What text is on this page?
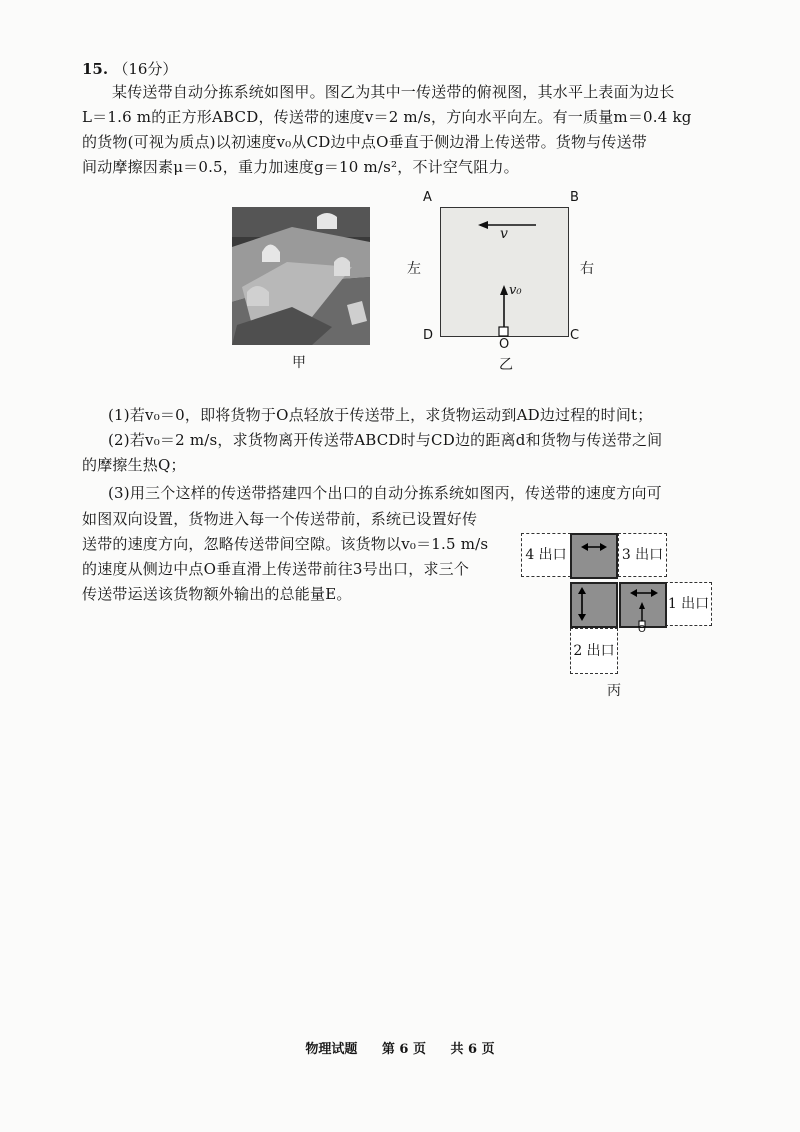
15. （16分）
某传送带自动分拣系统如图甲。图乙为其中一传送带的俯视图，其水平上表面为边长
L＝1.6 m的正方形ABCD，传送带的速度v＝2 m/s，方向水平向左。有一质量m＝0.4 kg
的货物(可视为质点)以初速度v₀从CD边中点O垂直于侧边滑上传送带。货物与传送带
间动摩擦因素μ＝0.5，重力加速度g＝10 m/s²，不计空气阻力。
甲
A	B
D	C
左	右
v
v₀
O
乙
(1)若v₀＝0，即将货物于O点轻放于传送带上，求货物运动到AD边过程的时间t；
(2)若v₀＝2 m/s，求货物离开传送带ABCD时与CD边的距离d和货物与传送带之间
的摩擦生热Q；
(3)用三个这样的传送带搭建四个出口的自动分拣系统如图丙，传送带的速度方向可
如图双向设置，货物进入每一个传送带前，系统已设置好传
送带的速度方向，忽略传送带间空隙。该货物以v₀＝1.5 m/s
的速度从侧边中点O垂直滑上传送带前往3号出口，求三个
传送带运送该货物额外输出的总能量E。
4 出口	3 出口
1 出口
2 出口
O
丙
物理试题 第 6 页 共 6 页
